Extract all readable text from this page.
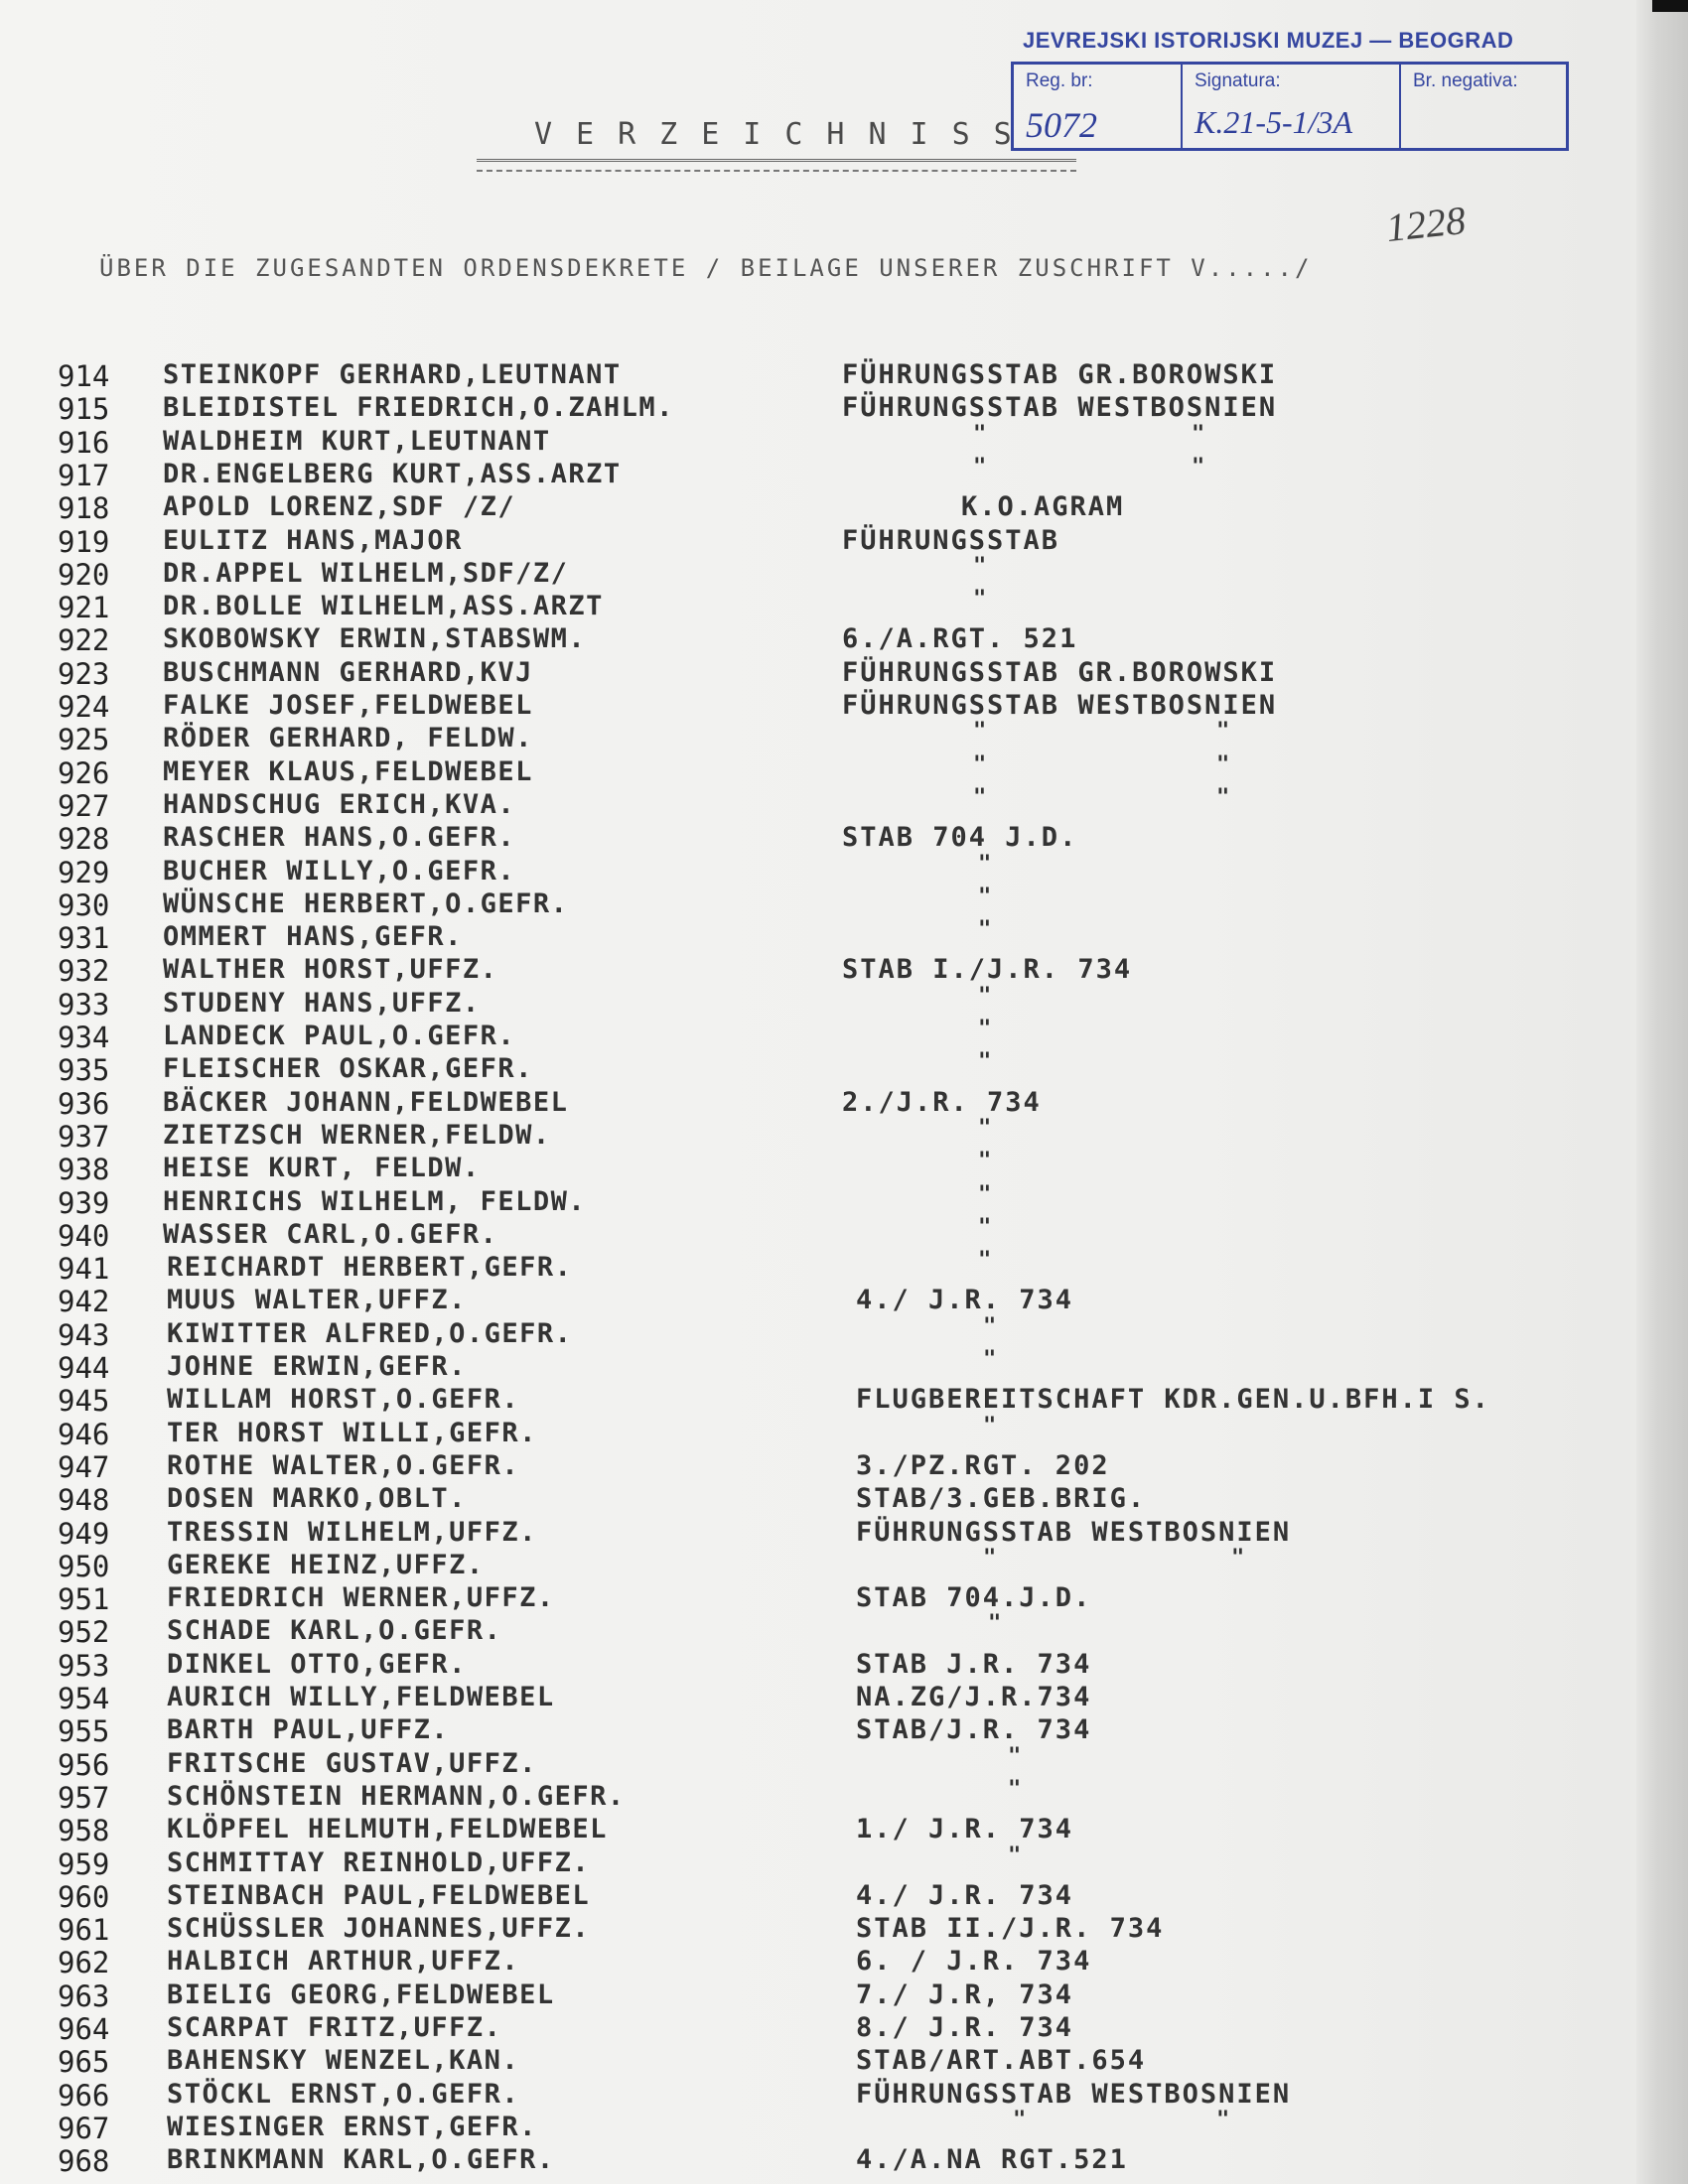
JEVREJSKI ISTORIJSKI MUZEJ — BEOGRAD
Reg. br:
5072
Signatura:
K.21-5-1/3A
Br. negativa:
VERZEICHNISS
1228
ÜBER DIE ZUGESANDTEN ORDENSDEKRETE / BEILAGE UNSERER ZUSCHRIFT V...../
914 STEINKOPF GERHARD,LEUTNANT	FÜHRUNGSSTAB GR.BOROWSKI
915 BLEIDISTEL FRIEDRICH,O.ZAHLM.	FÜHRUNGSSTAB WESTBOSNIEN
916 WALDHEIM KURT,LEUTNANT	"	"
917 DR.ENGELBERG KURT,ASS.ARZT	"	"
918 APOLD LORENZ,SDF /Z/	K.O.AGRAM
919 EULITZ HANS,MAJOR	FÜHRUNGSSTAB
920 DR.APPEL WILHELM,SDF/Z/	"
921 DR.BOLLE WILHELM,ASS.ARZT	"
922 SKOBOWSKY ERWIN,STABSWM.	6./A.RGT. 521
923 BUSCHMANN GERHARD,KVJ	FÜHRUNGSSTAB GR.BOROWSKI
924 FALKE JOSEF,FELDWEBEL	FÜHRUNGSSTAB WESTBOSNIEN
925 RÖDER GERHARD, FELDW.	"	"
926 MEYER KLAUS,FELDWEBEL	"	"
927 HANDSCHUG ERICH,KVA.	"	"
928 RASCHER HANS,O.GEFR.	STAB 704 J.D.
929 BUCHER WILLY,O.GEFR.	"
930 WÜNSCHE HERBERT,O.GEFR.	"
931 OMMERT HANS,GEFR.	"
932 WALTHER HORST,UFFZ.	STAB I./J.R. 734
933 STUDENY HANS,UFFZ.	"
934 LANDECK PAUL,O.GEFR.	"
935 FLEISCHER OSKAR,GEFR.	"
936 BÄCKER JOHANN,FELDWEBEL	2./J.R. 734
937 ZIETZSCH WERNER,FELDW.	"
938 HEISE KURT, FELDW.	"
939 HENRICHS WILHELM, FELDW.	"
940 WASSER CARL,O.GEFR.	"
941 REICHARDT HERBERT,GEFR.	"
942 MUUS WALTER,UFFZ.	4./ J.R. 734
943 KIWITTER ALFRED,O.GEFR.	"
944 JOHNE ERWIN,GEFR.	"
945 WILLAM HORST,O.GEFR.	FLUGBEREITSCHAFT KDR.GEN.U.BFH.I S.
946 TER HORST WILLI,GEFR.	"
947 ROTHE WALTER,O.GEFR.	3./PZ.RGT. 202
948 DOSEN MARKO,OBLT.	STAB/3.GEB.BRIG.
949 TRESSIN WILHELM,UFFZ.	FÜHRUNGSSTAB WESTBOSNIEN
950 GEREKE HEINZ,UFFZ.	"	"
951 FRIEDRICH WERNER,UFFZ.	STAB 704.J.D.
952 SCHADE KARL,O.GEFR.	"
953 DINKEL OTTO,GEFR.	STAB J.R. 734
954 AURICH WILLY,FELDWEBEL	NA.ZG/J.R.734
955 BARTH PAUL,UFFZ.	STAB/J.R. 734
956 FRITSCHE GUSTAV,UFFZ.	"
957 SCHÖNSTEIN HERMANN,O.GEFR.	"
958 KLÖPFEL HELMUTH,FELDWEBEL	1./ J.R. 734
959 SCHMITTAY REINHOLD,UFFZ.	"
960 STEINBACH PAUL,FELDWEBEL	4./ J.R. 734
961 SCHÜSSLER JOHANNES,UFFZ.	STAB II./J.R. 734
962 HALBICH ARTHUR,UFFZ.	6. / J.R. 734
963 BIELIG GEORG,FELDWEBEL	7./ J.R, 734
964 SCARPAT FRITZ,UFFZ.	8./ J.R. 734
965 BAHENSKY WENZEL,KAN.	STAB/ART.ABT.654
966 STÖCKL ERNST,O.GEFR.	FÜHRUNGSSTAB WESTBOSNIEN
967 WIESINGER ERNST,GEFR.	"	"
968 BRINKMANN KARL,O.GEFR.	4./A.NA RGT.521
